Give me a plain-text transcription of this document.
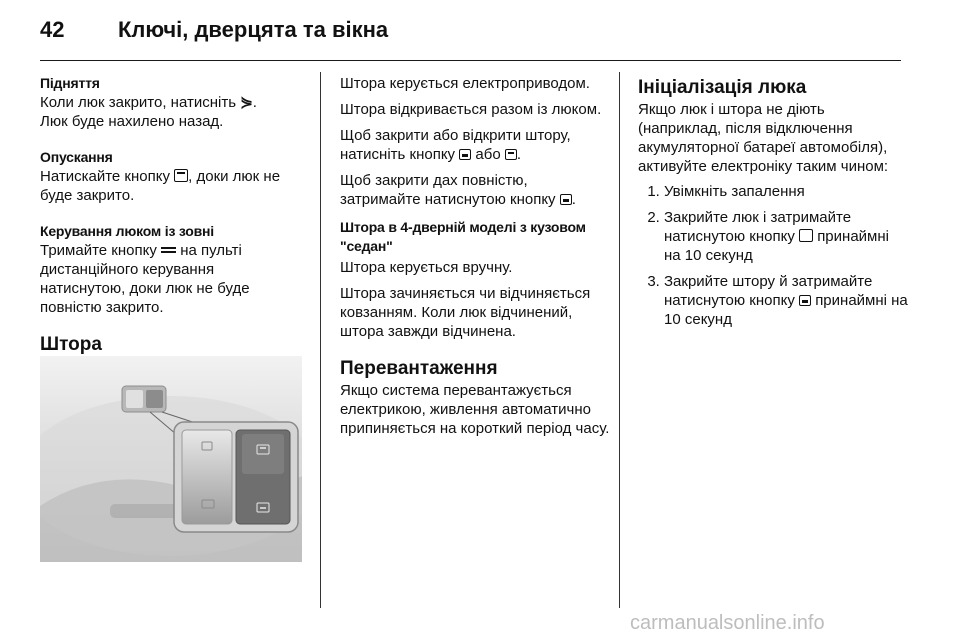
42	Ключі, дверцята та вікна
Підняття
Коли люк закрито, натисніть ⋟.
Люк буде нахилено назад.
Опускання
Натискайте кнопку , доки люк не буде закрито.
Керування люком із зовні
Тримайте кнопку на пульті дистанційного керування натиснутою, доки люк не буде повністю закрито.
Штора
Штора керується електроприводом.
Штора відкривається разом із люком.
Щоб закрити або відкрити штору, натисніть кнопку або .
Щоб закрити дах повністю, затримайте натиснутою кнопку .
Штора в 4-дверній моделі з кузовом "седан"
Штора керується вручну.
Штора зачиняється чи відчиняється ковзанням. Коли люк відчинений, штора завжди відчинена.
Перевантаження
Якщо система перевантажується електрикою, живлення автоматично припиняється на короткий період часу.
Ініціалізація люка
Якщо люк і штора не діють (наприклад, після відключення акумуляторної батареї автомобіля), активуйте електроніку таким чином:
1. Увімкніть запалення
2. Закрийте люк і затримайте натиснутою кнопку принаймні на 10 секунд
3. Закрийте штору й затримайте натиснутою кнопку принаймні на 10 секунд
carmanualsonline.info
